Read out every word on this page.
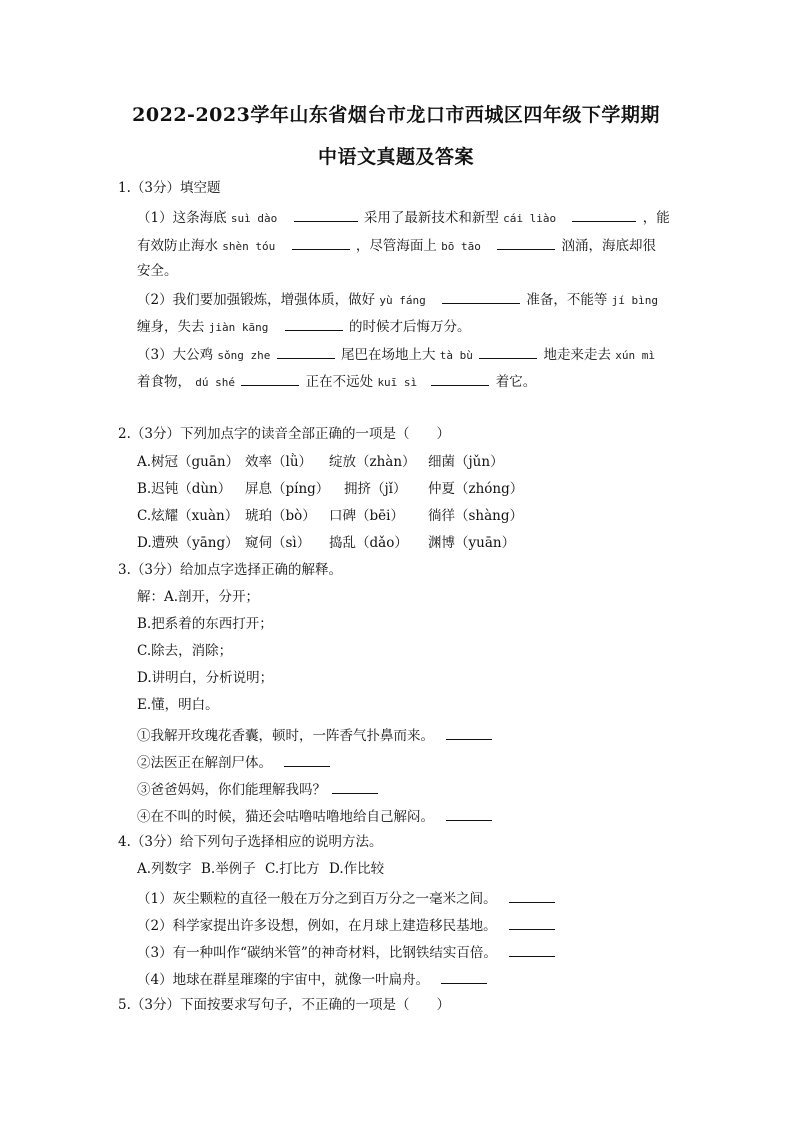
2022-2023学年山东省烟台市龙口市西城区四年级下学期期
中语文真题及答案
1.（3分）填空题
（1）这条海底 suì dào	采用了最新技术和新型 cái liào	，能
有效防止海水 shèn tóu	，尽管海面上 bō tāo	汹涌，海底却很
安全。
（2）我们要加强锻炼，增强体质，做好 yù fáng	准备，不能等 jí bìng
缠身，失去 jiàn kāng	的时候才后悔万分。
（3）大公鸡 sǒng zhe	尾巴在场地上大 tà bù	地走来走去 xún mì
着食物， dú shé	正在不远处 kuī sì	着它。
2.（3分）下列加点字的读音全部正确的一项是（　　）
A.树冠（guān） 效率（lǜ） 绽放（zhàn） 细菌（jǔn）
B.迟钝（dùn） 屏息（píng） 拥挤（jǐ） 仲夏（zhóng）
C.炫耀（xuàn） 琥珀（bò） 口碑（bēi） 徜徉（shàng）
D.遭殃（yāng） 窥伺（sì） 捣乱（dǎo） 渊博（yuān）
3.（3分）给加点字选择正确的解释。
解：A.剖开，分开；
B.把系着的东西打开；
C.除去，消除；
D.讲明白，分析说明；
E.懂，明白。
①我解开玫瑰花香囊，顿时，一阵香气扑鼻而来。
②法医正在解剖尸体。
③爸爸妈妈，你们能理解我吗？
④在不叫的时候，猫还会咕噜咕噜地给自己解闷。
4.（3分）给下列句子选择相应的说明方法。
A.列数字 B.举例子 C.打比方 D.作比较
（1）灰尘颗粒的直径一般在万分之到百万分之一毫米之间。
（2）科学家提出许多设想，例如，在月球上建造移民基地。
（3）有一种叫作“碳纳米管”的神奇材料，比钢铁结实百倍。
（4）地球在群星璀璨的宇宙中，就像一叶扁舟。
5.（3分）下面按要求写句子，不正确的一项是（　　）
